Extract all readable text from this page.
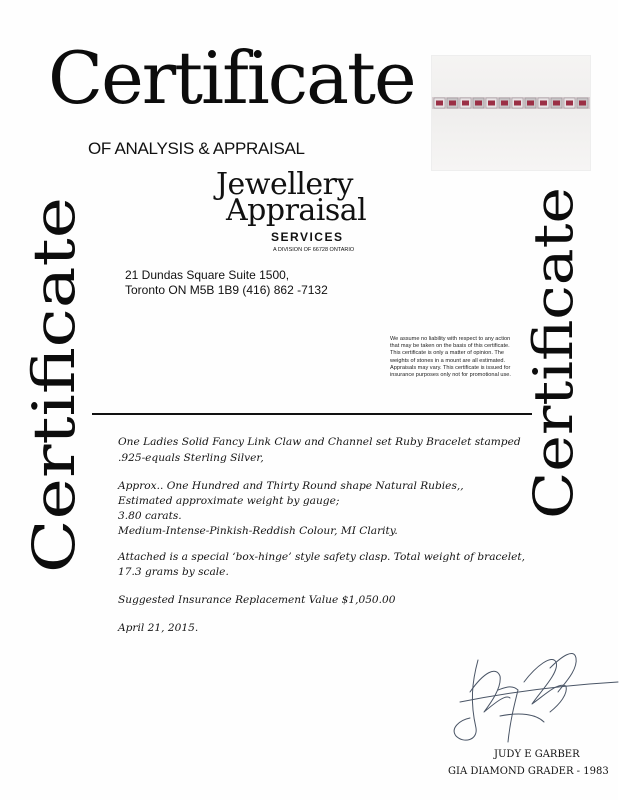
Certificate
OF ANALYSIS & APPRAISAL
Jewellery
Appraisal
SERVICES
A DIVISION OF 66728 ONTARIO
21 Dundas Square Suite 1500,
Toronto ON M5B 1B9 (416) 862 -7132
We assume no liability with respect to any action that may be taken on the basis of this certificate. This certificate is only a matter of opinion. The weights of stones in a mount are all estimated. Appraisals may vary. This certificate is issued for insurance purposes only not for promotional use.
Certificate	Certificate
One Ladies Solid Fancy Link Claw and Channel set Ruby Bracelet stamped
.925-equals Sterling Silver,
Approx.. One Hundred and Thirty Round shape Natural Rubies,,
Estimated approximate weight by gauge;
3.80 carats.
Medium-Intense-Pinkish-Reddish Colour, MI Clarity.
Attached is a special ‘box-hinge’ style safety clasp. Total weight of bracelet,
17.3 grams by scale.
Suggested Insurance Replacement Value $1,050.00
April 21, 2015.
JUDY E GARBER
GIA DIAMOND GRADER - 1983
